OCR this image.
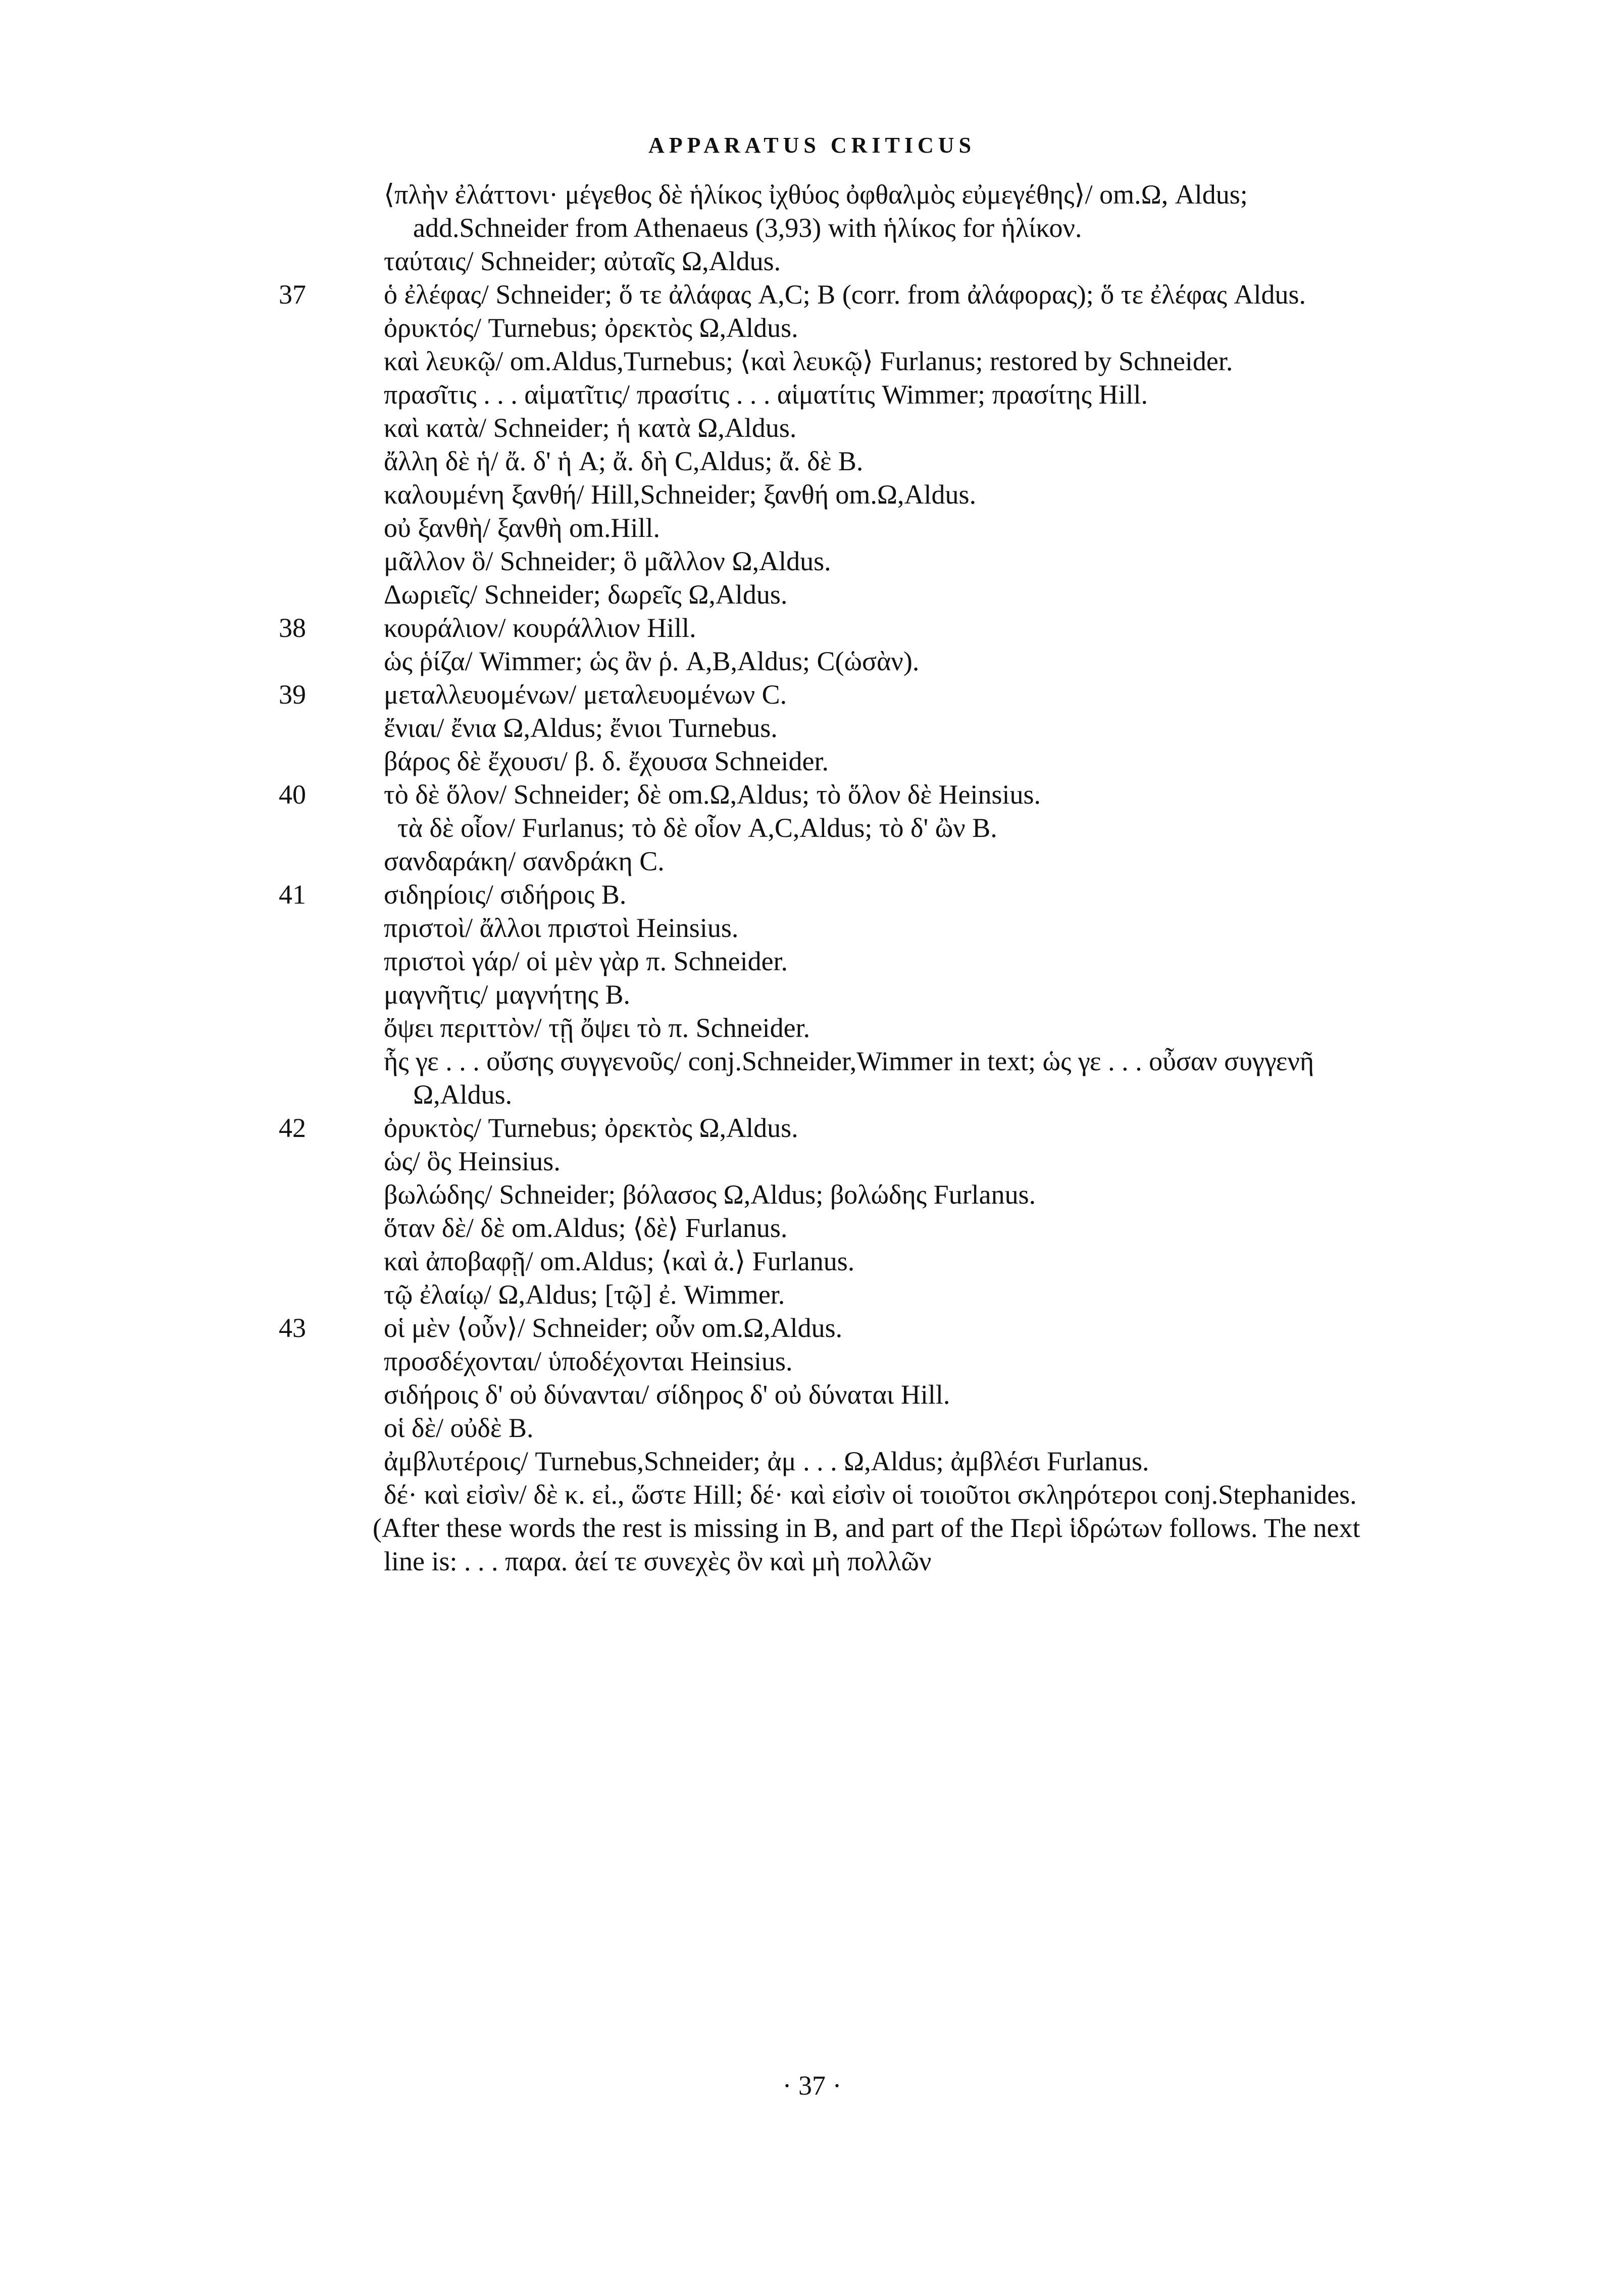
APPARATUS CRITICUS

⟨πλὴν ἐλάττονι· μέγεθος δὲ ἡλίκος ἰχθύος ὀφθαλμὸς εὐμεγέθης⟩/ om.Ω, Aldus; add.Schneider from Athenaeus (3,93) with ἡλίκος for ἡλίκον.

ταύταις/ Schneider; αὐταῖς Ω,Aldus.

37	ὁ ἐλέφας/ Schneider; ὅ τε ἀλάφας A,C; B (corr. from ἀλάφορας); ὅ τε ἐλέφας Aldus.

ὀρυκτός/ Turnebus; ὀρεκτὸς Ω,Aldus.

καὶ λευκῷ/ om.Aldus,Turnebus; ⟨καὶ λευκῷ⟩ Furlanus; restored by Schneider.

πρασῖτις . . . αἱματῖτις/ πρασίτις . . . αἱματίτις Wimmer; πρασίτης Hill.

καὶ κατὰ/ Schneider; ἡ κατὰ Ω,Aldus.

ἄλλη δὲ ἡ/ ἄ. δ' ἡ A; ἄ. δὴ C,Aldus; ἄ. δὲ B.

καλουμένη ξανθή/ Hill,Schneider; ξανθή om.Ω,Aldus.

οὐ ξανθὴ/ ξανθὴ om.Hill.

μᾶλλον ὃ/ Schneider; ὃ μᾶλλον Ω,Aldus.

Δωριεῖς/ Schneider; δωρεῖς Ω,Aldus.

38	κουράλιον/ κουράλλιον Hill.

ὡς ῥίζα/ Wimmer; ὡς ἂν ῥ. A,B,Aldus; C(ὡσὰν).

39	μεταλλευομένων/ μεταλευομένων C.

ἔνιαι/ ἔνια Ω,Aldus; ἔνιοι Turnebus.

βάρος δὲ ἔχουσι/ β. δ. ἔχουσα Schneider.

40	τὸ δὲ ὅλον/ Schneider; δὲ om.Ω,Aldus; τὸ ὅλον δὲ Heinsius.

τὰ δὲ οἷον/ Furlanus; τὸ δὲ οἷον A,C,Aldus; τὸ δ' ὢν B.

σανδαράκη/ σανδράκη C.

41	σιδηρίοις/ σιδήροις B.

πριστοὶ/ ἄλλοι πριστοὶ Heinsius.

πριστοὶ γάρ/ οἱ μὲν γὰρ π. Schneider.

μαγνῆτις/ μαγνήτης B.

ὄψει περιττὸν/ τῇ ὄψει τὸ π. Schneider.

ἧς γε . . . οὔσης συγγενοῦς/ conj.Schneider,Wimmer in text; ὡς γε . . . οὖσαν συγγενῆ Ω,Aldus.

42	ὀρυκτὸς/ Turnebus; ὀρεκτὸς Ω,Aldus.

ὡς/ ὃς Heinsius.

βωλώδης/ Schneider; βόλασος Ω,Aldus; βολώδης Furlanus.

ὅταν δὲ/ δὲ om.Aldus; ⟨δὲ⟩ Furlanus.

καὶ ἀποβαφῇ/ om.Aldus; ⟨καὶ ἀ.⟩ Furlanus.

τῷ ἐλαίῳ/ Ω,Aldus; [τῷ] ἐ. Wimmer.

43	οἱ μὲν ⟨οὖν⟩/ Schneider; οὖν om.Ω,Aldus.

προσδέχονται/ ὑποδέχονται Heinsius.

σιδήροις δ' οὐ δύνανται/ σίδηρος δ' οὐ δύναται Hill.

οἱ δὲ/ οὐδὲ B.

ἀμβλυτέροις/ Turnebus,Schneider; ἀμ . . . Ω,Aldus; ἀμβλέσι Furlanus.

δέ· καὶ εἰσὶν/ δὲ κ. εἰ., ὥστε Hill; δέ· καὶ εἰσὶν οἱ τοιοῦτοι σκληρότεροι conj.Stephanides.

(After these words the rest is missing in B, and part of the Περὶ ἱδρώτων follows. The next line is: . . . παρα. ἀεί τε συνεχὲς ὂν καὶ μὴ πολλῶν

· 37 ·
